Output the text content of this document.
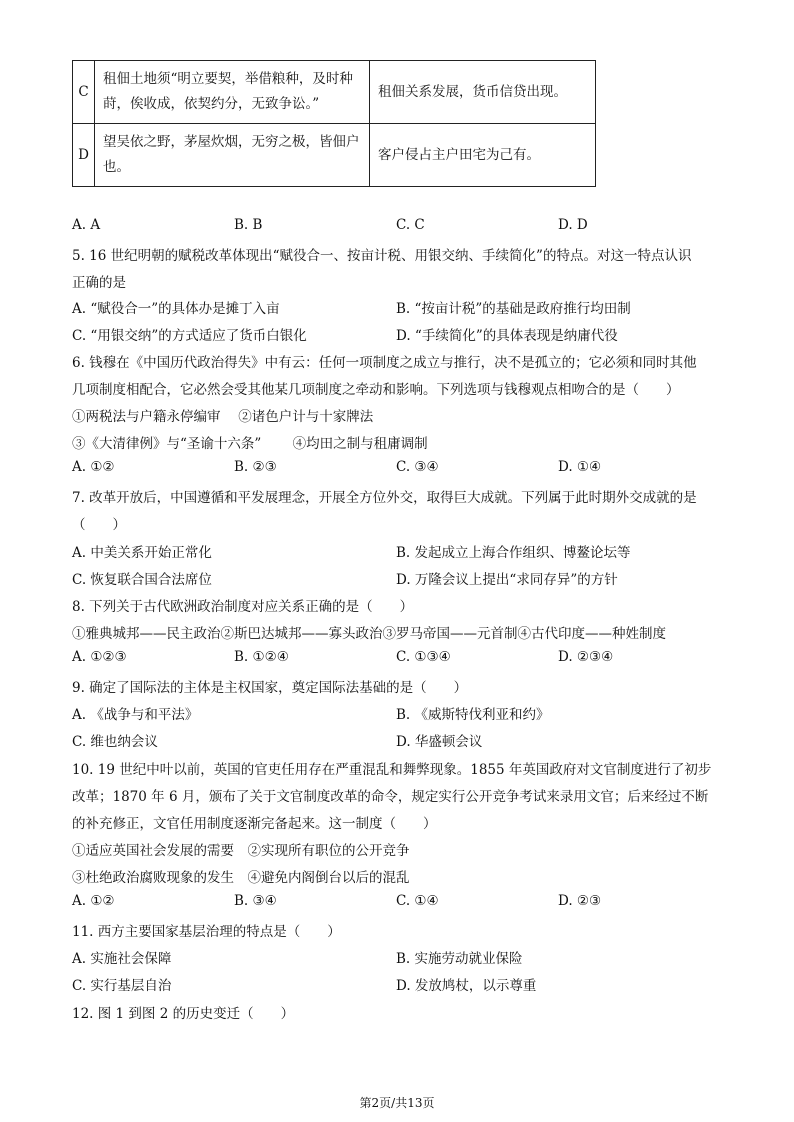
C	租佃土地须“明立要契，举借粮种，及时种莳，俟收成，依契约分，无致争讼。”	租佃关系发展，货币信贷出现。
D	望吴依之野，茅屋炊烟，无穷之极，皆佃户也。	客户侵占主户田宅为己有。
A. A	B. B	C. C	D. D
5. 16 世纪明朝的赋税改革体现出“赋役合一、按亩计税、用银交纳、手续简化”的特点。对这一特点认识
正确的是
A. “赋役合一”的具体办是摊丁入亩	B. “按亩计税”的基础是政府推行均田制
C. “用银交纳”的方式适应了货币白银化	D. “手续简化”的具体表现是纳庸代役
6. 钱穆在《中国历代政治得失》中有云：任何一项制度之成立与推行，决不是孤立的；它必须和同时其他
几项制度相配合，它必然会受其他某几项制度之牵动和影响。下列选项与钱穆观点相吻合的是（　　）
①两税法与户籍永停编审　 ②诸色户计与十家牌法
③《大清律例》与“圣谕十六条”　　 ④均田之制与租庸调制
A. ①②	B. ②③	C. ③④	D. ①④
7. 改革开放后，中国遵循和平发展理念，开展全方位外交，取得巨大成就。下列属于此时期外交成就的是
（　　）
A. 中美关系开始正常化	B. 发起成立上海合作组织、博鳌论坛等
C. 恢复联合国合法席位	D. 万隆会议上提出“求同存异”的方针
8. 下列关于古代欧洲政治制度对应关系正确的是（　　）
①雅典城邦——民主政治②斯巴达城邦——寡头政治③罗马帝国——元首制④古代印度——种姓制度
A. ①②③	B. ①②④	C. ①③④	D. ②③④
9. 确定了国际法的主体是主权国家，奠定国际法基础的是（　　）
A. 《战争与和平法》	B. 《威斯特伐利亚和约》
C. 维也纳会议	D. 华盛顿会议
10. 19 世纪中叶以前，英国的官吏任用存在严重混乱和舞弊现象。1855 年英国政府对文官制度进行了初步
改革；1870 年 6 月，颁布了关于文官制度改革的命令，规定实行公开竞争考试来录用文官；后来经过不断
的补充修正，文官任用制度逐渐完备起来。这一制度（　　）
①适应英国社会发展的需要　②实现所有职位的公开竞争
③杜绝政治腐败现象的发生　④避免内阁倒台以后的混乱
A. ①②	B. ③④	C. ①④	D. ②③
11. 西方主要国家基层治理的特点是（　　）
A. 实施社会保障	B. 实施劳动就业保险
C. 实行基层自治	D. 发放鸠杖，以示尊重
12. 图 1 到图 2 的历史变迁（　　）
第2页/共13页
